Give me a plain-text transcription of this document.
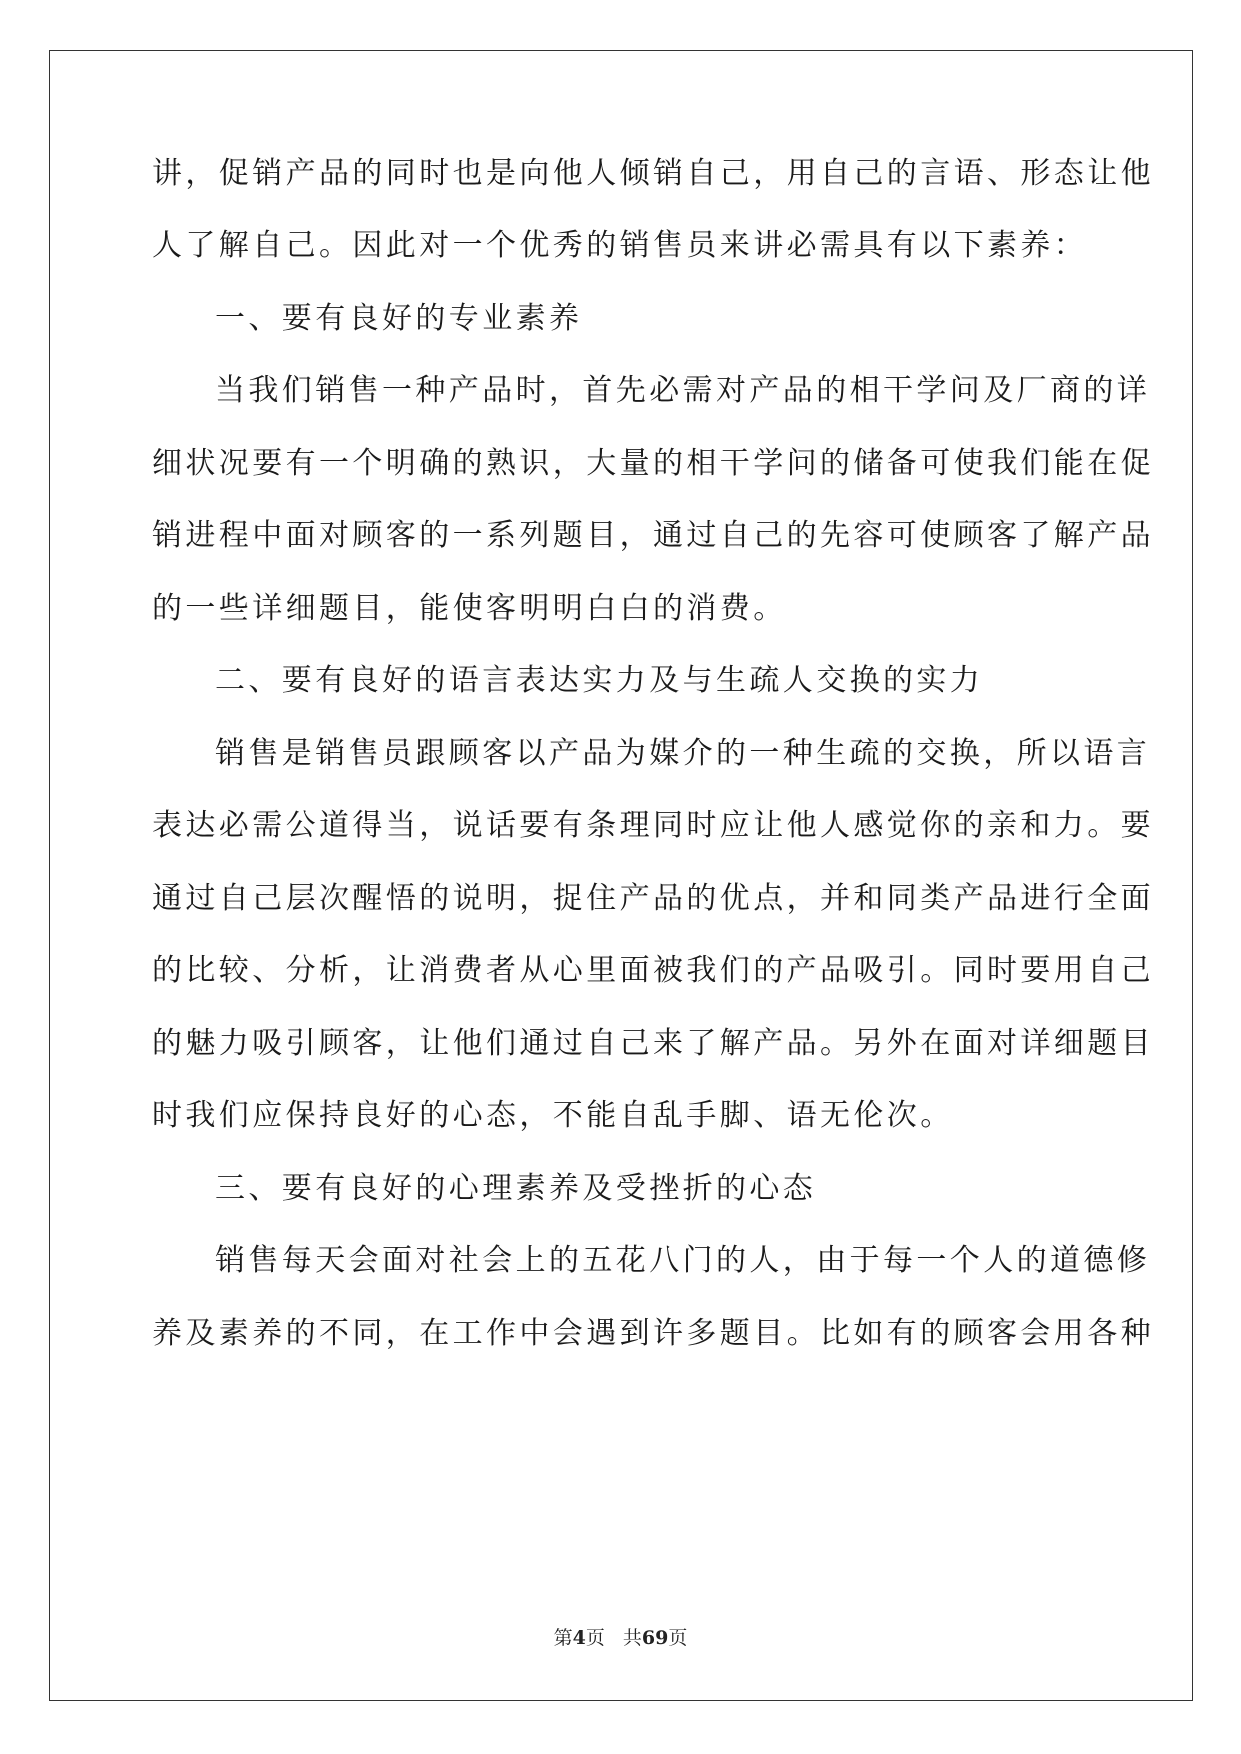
讲，促销产品的同时也是向他人倾销自己，用自己的言语、形态让他
人了解自己。因此对一个优秀的销售员来讲必需具有以下素养：
一、要有良好的专业素养
当我们销售一种产品时，首先必需对产品的相干学问及厂商的详
细状况要有一个明确的熟识，大量的相干学问的储备可使我们能在促
销进程中面对顾客的一系列题目，通过自己的先容可使顾客了解产品
的一些详细题目，能使客明明白白的消费。
二、要有良好的语言表达实力及与生疏人交换的实力
销售是销售员跟顾客以产品为媒介的一种生疏的交换，所以语言
表达必需公道得当，说话要有条理同时应让他人感觉你的亲和力。要
通过自己层次醒悟的说明，捉住产品的优点，并和同类产品进行全面
的比较、分析，让消费者从心里面被我们的产品吸引。同时要用自己
的魅力吸引顾客，让他们通过自己来了解产品。另外在面对详细题目
时我们应保持良好的心态，不能自乱手脚、语无伦次。
三、要有良好的心理素养及受挫折的心态
销售每天会面对社会上的五花八门的人，由于每一个人的道德修
养及素养的不同，在工作中会遇到许多题目。比如有的顾客会用各种
第4页 共69页
